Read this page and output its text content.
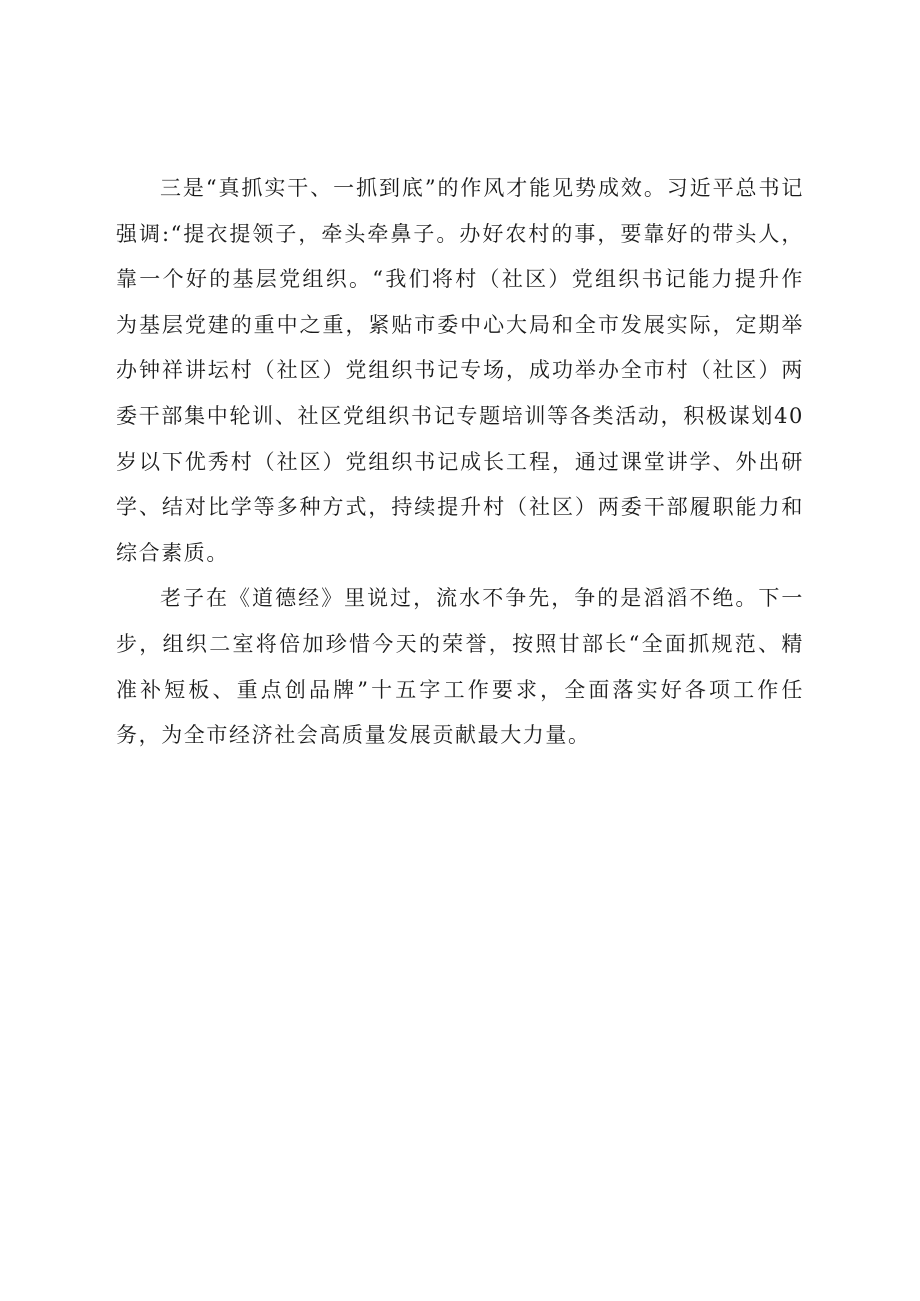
三是“真抓实干、一抓到底”的作风才能见势成效。习近平总书记强调:“提衣提领子，牵头牵鼻子。办好农村的事，要靠好的带头人，靠一个好的基层党组织。“我们将村（社区）党组织书记能力提升作为基层党建的重中之重，紧贴市委中心大局和全市发展实际，定期举办钟祥讲坛村（社区）党组织书记专场，成功举办全市村（社区）两委干部集中轮训、社区党组织书记专题培训等各类活动，积极谋划40岁以下优秀村（社区）党组织书记成长工程，通过课堂讲学、外出研学、结对比学等多种方式，持续提升村（社区）两委干部履职能力和综合素质。

老子在《道德经》里说过，流水不争先，争的是滔滔不绝。下一步，组织二室将倍加珍惜今天的荣誉，按照甘部长“全面抓规范、精准补短板、重点创品牌”十五字工作要求，全面落实好各项工作任务，为全市经济社会高质量发展贡献最大力量。
